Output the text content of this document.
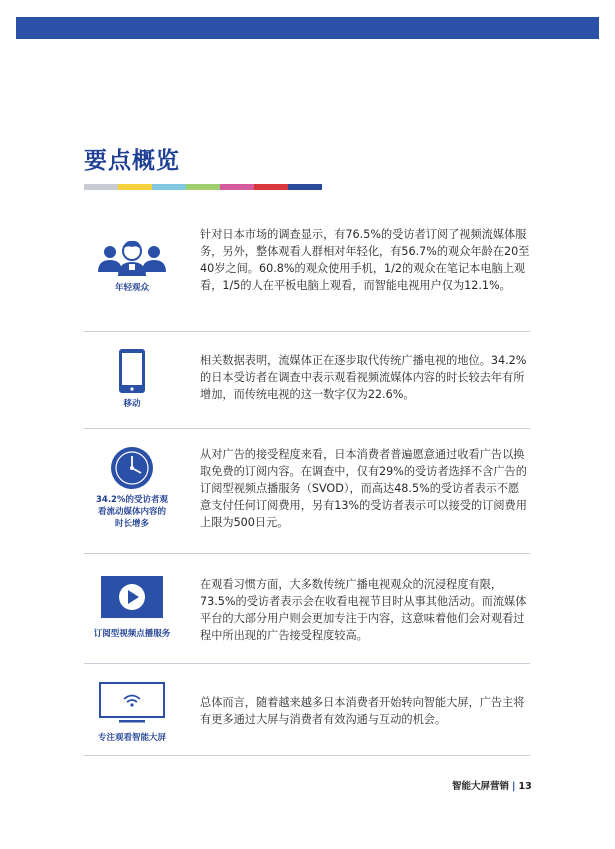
要点概览
年轻观众

针对日本市场的调查显示，有76.5%的受访者订阅了视频流媒体服务，另外，整体观看人群相对年轻化，有56.7%的观众年龄在20至40岁之间。60.8%的观众使用手机，1/2的观众在笔记本电脑上观看，1/5的人在平板电脑上观看，而智能电视用户仅为12.1%。

移动

相关数据表明，流媒体正在逐步取代传统广播电视的地位。34.2%的日本受访者在调查中表示观看视频流媒体内容的时长较去年有所增加，而传统电视的这一数字仅为22.6%。

34.2%的受访者观
看流动媒体内容的
时长增多

从对广告的接受程度来看，日本消费者普遍愿意通过收看广告以换取免费的订阅内容。在调查中，仅有29%的受访者选择不含广告的订阅型视频点播服务（SVOD），而高达48.5%的受访者表示不愿意支付任何订阅费用，另有13%的受访者表示可以接受的订阅费用上限为500日元。

订阅型视频点播服务

在观看习惯方面，大多数传统广播电视观众的沉浸程度有限，73.5%的受访者表示会在收看电视节目时从事其他活动。而流媒体平台的大部分用户则会更加专注于内容，这意味着他们会对观看过程中所出现的广告接受程度较高。

专注观看智能大屏

总体而言，随着越来越多日本消费者开始转向智能大屏，广告主将有更多通过大屏与消费者有效沟通与互动的机会。

智能大屏营销 | 13
